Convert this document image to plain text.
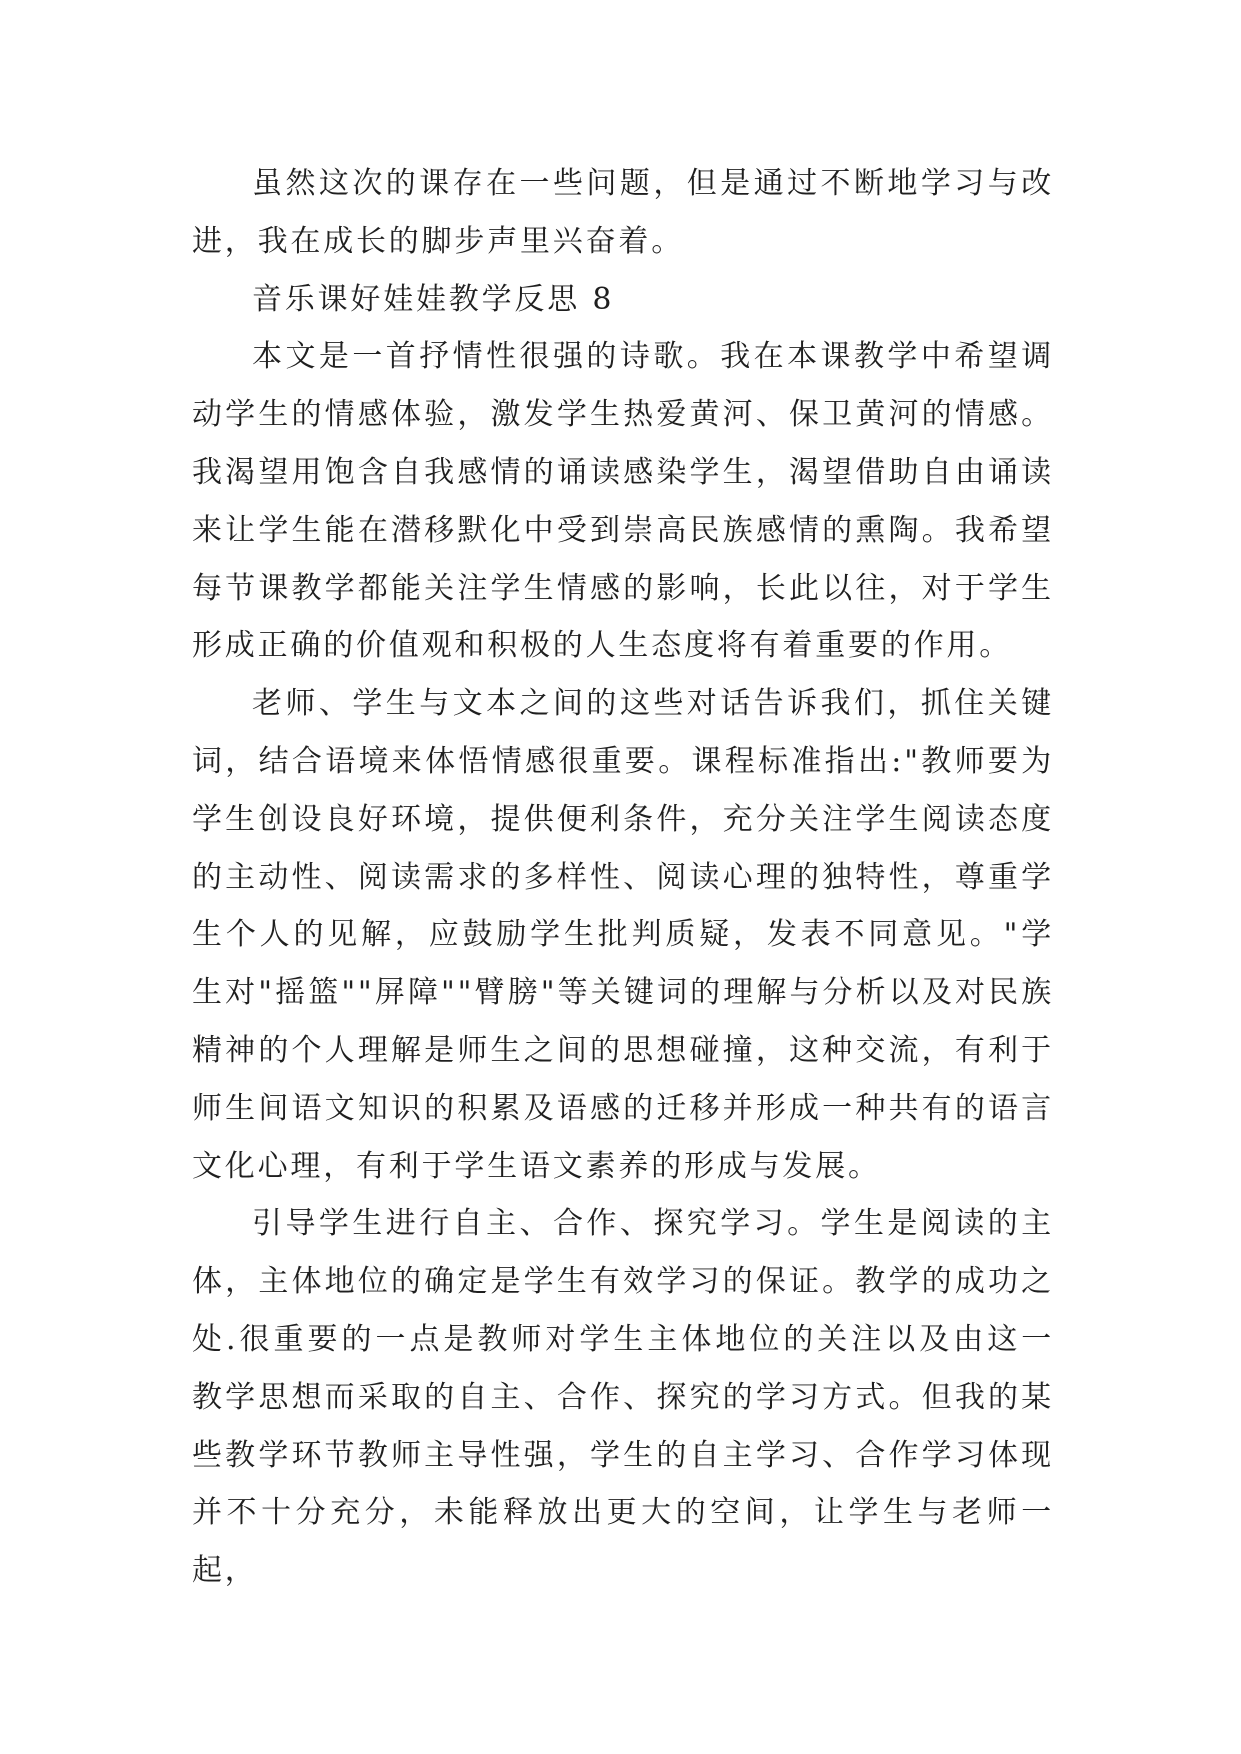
虽然这次的课存在一些问题，但是通过不断地学习与改进，我在成长的脚步声里兴奋着。

音乐课好娃娃教学反思 8

本文是一首抒情性很强的诗歌。我在本课教学中希望调动学生的情感体验，激发学生热爱黄河、保卫黄河的情感。我渴望用饱含自我感情的诵读感染学生，渴望借助自由诵读来让学生能在潜移默化中受到崇高民族感情的熏陶。我希望每节课教学都能关注学生情感的影响，长此以往，对于学生形成正确的价值观和积极的人生态度将有着重要的作用。

老师、学生与文本之间的这些对话告诉我们，抓住关键词，结合语境来体悟情感很重要。课程标准指出:"教师要为学生创设良好环境，提供便利条件，充分关注学生阅读态度的主动性、阅读需求的多样性、阅读心理的独特性，尊重学生个人的见解，应鼓励学生批判质疑，发表不同意见。"学生对"摇篮""屏障""臂膀"等关键词的理解与分析以及对民族精神的个人理解是师生之间的思想碰撞，这种交流，有利于师生间语文知识的积累及语感的迁移并形成一种共有的语言文化心理，有利于学生语文素养的形成与发展。

引导学生进行自主、合作、探究学习。学生是阅读的主体，主体地位的确定是学生有效学习的保证。教学的成功之处.很重要的一点是教师对学生主体地位的关注以及由这一教学思想而采取的自主、合作、探究的学习方式。但我的某些教学环节教师主导性强，学生的自主学习、合作学习体现并不十分充分，未能释放出更大的空间，让学生与老师一起，
